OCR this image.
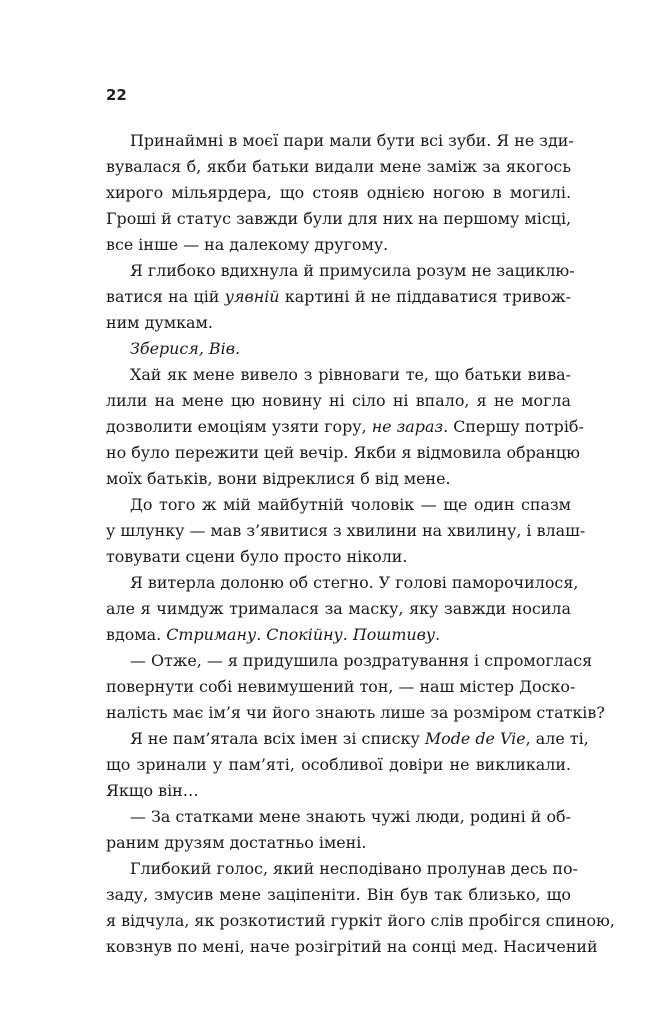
22
Принаймні в моєї пари мали бути всі зуби. Я не зди-
вувалася б, якби батьки видали мене заміж за якогось
хирого мільярдера, що стояв однією ногою в могилі.
Гроші й статус завжди були для них на першому місці,
все інше — на далекому другому.
Я глибоко вдихнула й примусила розум не зациклю-
ватися на цій уявній картині й не піддаватися тривож-
ним думкам.
Зберися, Вів.
Хай як мене вивело з рівноваги те, що батьки вива-
лили на мене цю новину ні сіло ні впало, я не могла
дозволити емоціям узяти гору, не зараз. Спершу потріб-
но було пережити цей вечір. Якби я відмовила обранцю
моїх батьків, вони відреклися б від мене.
До того ж мій майбутній чоловік — ще один спазм
у шлунку — мав з’явитися з хвилини на хвилину, і влаш-
товувати сцени було просто ніколи.
Я витерла долоню об стегно. У голові паморочилося,
але я чимдуж трималася за маску, яку завжди носила
вдома. Стриману. Спокійну. Поштиву.
— Отже, — я придушила роздратування і спромоглася
повернути собі невимушений тон, — наш містер Доско-
налість має ім’я чи його знають лише за розміром статків?
Я не пам’ятала всіх імен зі списку Mode de Vie, але ті,
що зринали у пам’яті, особливої довіри не викликали.
Якщо він…
— За статками мене знають чужі люди, родині й об-
раним друзям достатньо імені.
Глибокий голос, який несподівано пролунав десь по-
заду, змусив мене заціпеніти. Він був так близько, що
я відчула, як розкотистий гуркіт його слів пробігся спиною,
ковзнув по мені, наче розігрітий на сонці мед. Насичений
